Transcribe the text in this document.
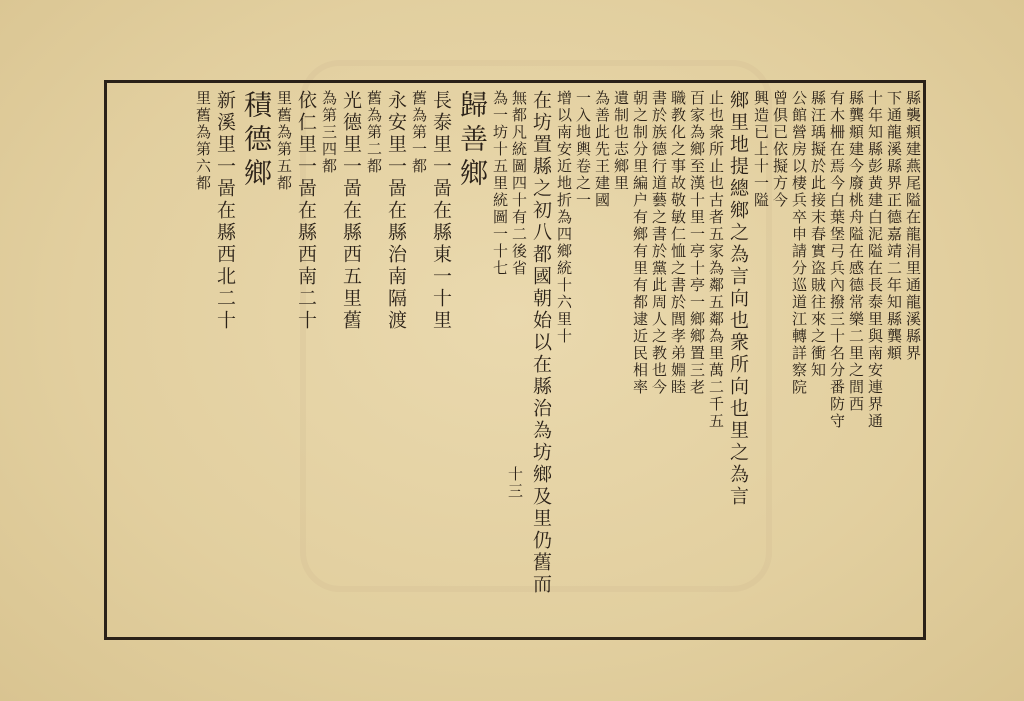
縣襲頫建燕尾隘在龍涓里通龍溪縣界
下通龍溪縣界正德嘉靖二年知縣龔頫
十年知縣彭黄建白泥隘在長泰里與南安連界通
縣龔頫建今廢桃舟隘在感德常樂二里之間西
有木柵在焉今白葉堡弓兵內撥三十名分番防守
縣汪瑀擬於此接末春實盗賊往來之衝知
公館營房以棲兵卒申請分巡道江轉詳察院
曾俱已依擬方今
興造已上十一隘
鄉里地提總鄉之為言向也衆所向也里之為言
止也衆所止也古者五家為鄰五鄰為里萬二千五
百家為鄉至漢十里一亭十亭一鄉鄉置三老
職教化之事故敬敏仁恤之書於閭孝弟婣睦
書於族德行道藝之書於黨此周人之教也今
朝之制分里編户有鄉有里有都逮近民相率
遺制也志鄉里
為善此先王建國
一入地輿卷之一
增以南安近地折為四鄉統十六里十
在坊置縣之初八都國朝始以在縣治為坊鄉及里仍舊而
無都凡統圖四十有二後省
為一坊十五里統圖一十七
歸善鄉
長泰里一啚在縣東一十里
舊為第一都
永安里一啚在縣治南隔渡
舊為第二都
光德里一啚在縣西五里舊
為第三四都
依仁里一啚在縣西南二十
里舊為第五都
積德鄉
新溪里一啚在縣西北二十
里舊為第六都
十三
